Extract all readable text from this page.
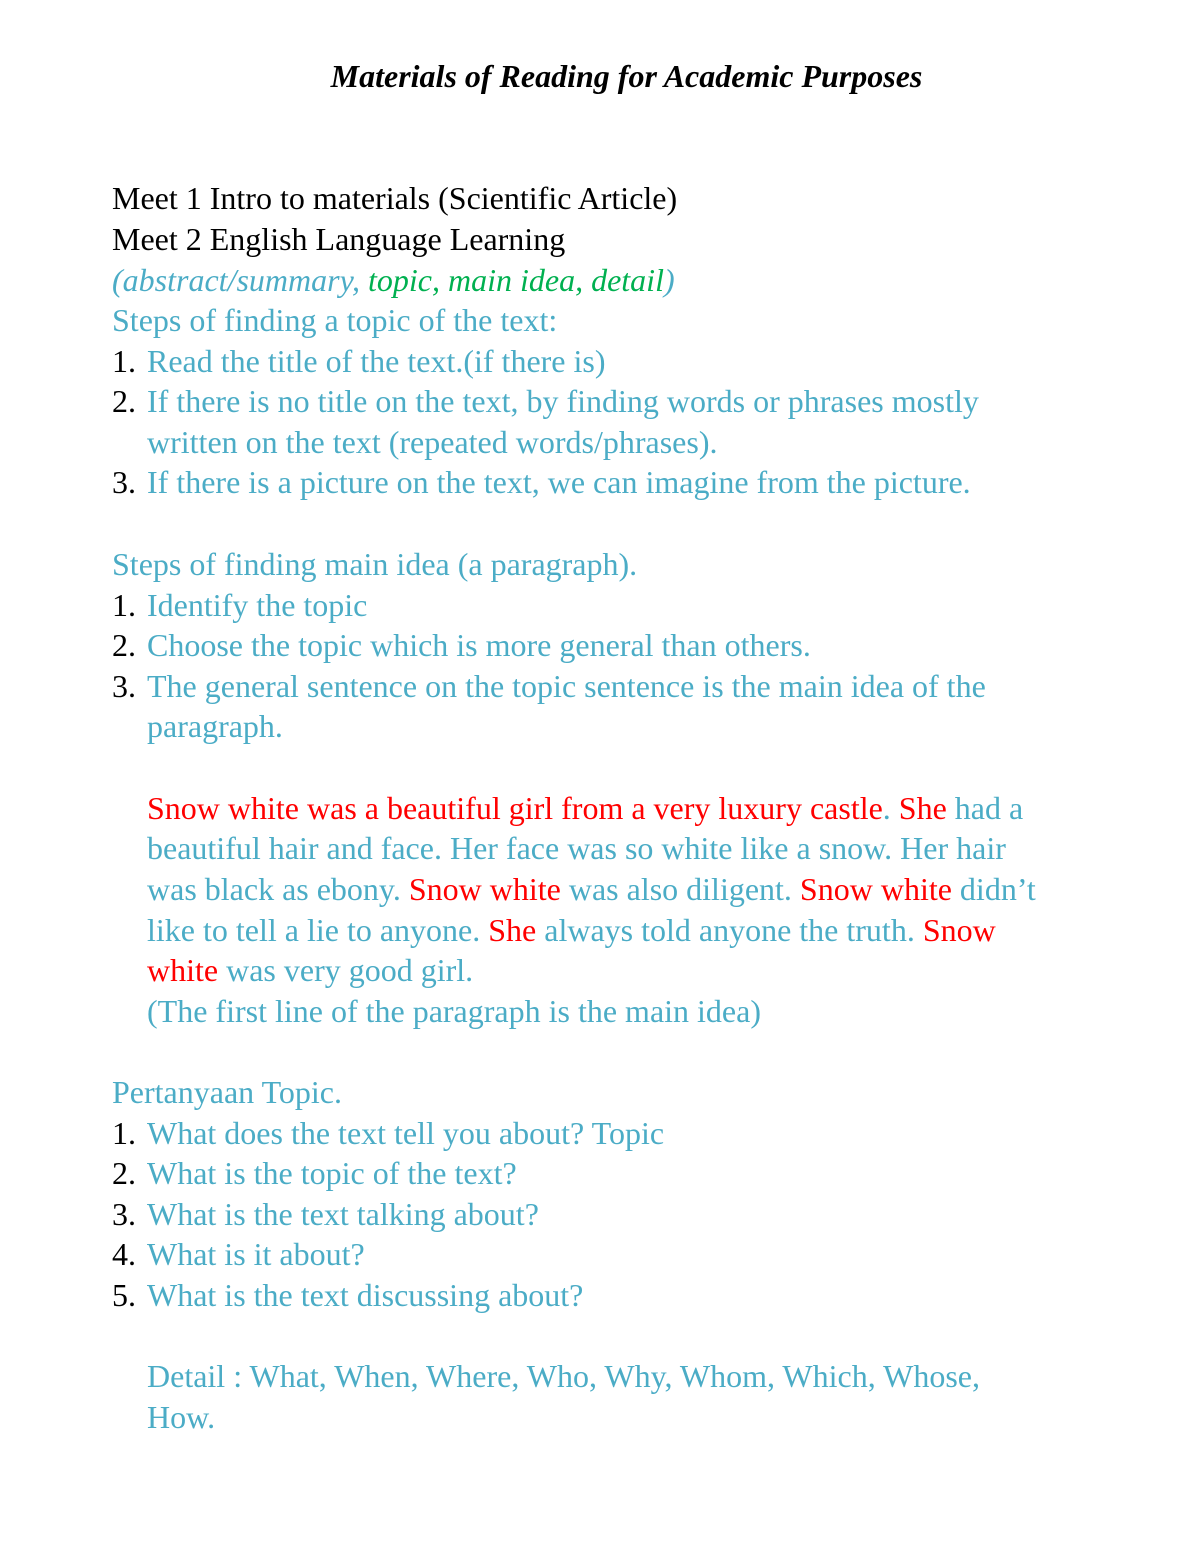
Materials of Reading for Academic Purposes
Meet 1 Intro to materials (Scientific Article)
Meet 2 English Language Learning
(abstract/summary, topic, main idea, detail)
Steps of finding a topic of the text:
1. Read the title of the text.(if there is)
2. If there is no title on the text, by finding words or phrases mostly
written on the text (repeated words/phrases).
3. If there is a picture on the text, we can imagine from the picture.
Steps of finding main idea (a paragraph).
1. Identify the topic
2. Choose the topic which is more general than others.
3. The general sentence on the topic sentence is the main idea of the
paragraph.
Snow white was a beautiful girl from a very luxury castle. She had a
beautiful hair and face. Her face was so white like a snow. Her hair
was black as ebony. Snow white was also diligent. Snow white didn’t
like to tell a lie to anyone. She always told anyone the truth. Snow
white was very good girl.
(The first line of the paragraph is the main idea)
Pertanyaan Topic.
1. What does the text tell you about? Topic
2. What is the topic of the text?
3. What is the text talking about?
4. What is it about?
5. What is the text discussing about?
Detail : What, When, Where, Who, Why, Whom, Which, Whose,
How.
